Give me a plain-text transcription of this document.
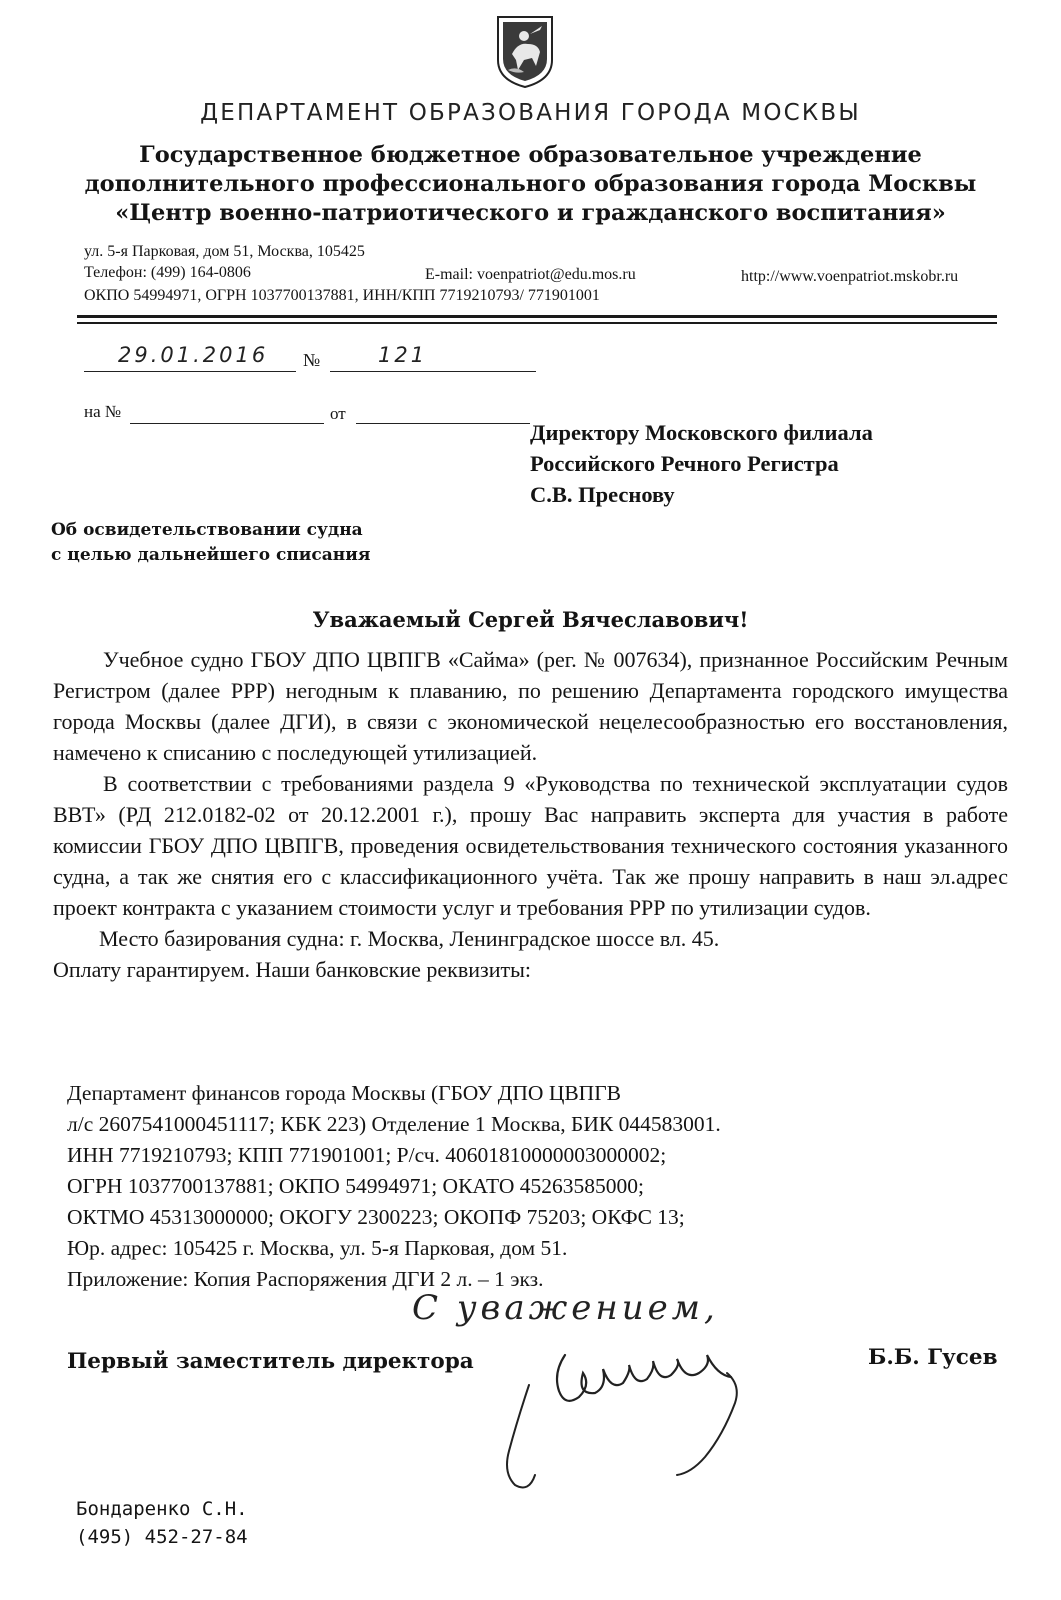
ДЕПАРТАМЕНТ ОБРАЗОВАНИЯ ГОРОДА МОСКВЫ
Государственное бюджетное образовательное учреждение
дополнительного профессионального образования города Москвы
«Центр военно-патриотического и гражданского воспитания»
ул. 5-я Парковая, дом 51, Москва, 105425
Телефон: (499) 164-0806	E-mail: voenpatriot@edu.mos.ru	http://www.voenpatriot.mskobr.ru
ОКПО 54994971, ОГРН 1037700137881, ИНН/КПП 7719210793/ 771901001
29.01.2016 №	121
на №	от
Директору Московского филиала
Российского Речного Регистра
С.В. Преснову
Об освидетельствовании судна
с целью дальнейшего списания
Уважаемый Сергей Вячеславович!

Учебное судно ГБОУ ДПО ЦВПГВ «Сайма» (рег. № 007634), признанное Российским Речным Регистром (далее РРР) негодным к плаванию, по решению Департамента городского имущества города Москвы (далее ДГИ), в связи с экономической нецелесообразностью его восстановления, намечено к списанию с последующей утилизацией.

В соответствии с требованиями раздела 9 «Руководства по технической эксплуатации судов ВВТ» (РД 212.0182-02 от 20.12.2001 г.), прошу Вас направить эксперта для участия в работе комиссии ГБОУ ДПО ЦВПГВ, проведения освидетельствования технического состояния указанного судна, а так же снятия его с классификационного учёта. Так же прошу направить в наш эл.адрес проект контракта с указанием стоимости услуг и требования РРР по утилизации судов.

Место базирования судна: г. Москва, Ленинградское шоссе вл. 45.

Оплату гарантируем. Наши банковские реквизиты:

Департамент финансов города Москвы (ГБОУ ДПО ЦВПГВ
л/с 2607541000451117; КБК 223) Отделение 1 Москва, БИК 044583001.
ИНН 7719210793; КПП 771901001; Р/сч. 40601810000003000002;
ОГРН 1037700137881; ОКПО 54994971; ОКАТО 45263585000;
ОКТМО 45313000000; ОКОГУ 2300223; ОКОПФ 75203; ОКФС 13;
Юр. адрес: 105425 г. Москва, ул. 5-я Парковая, дом 51.
Приложение: Копия Распоряжения ДГИ 2 л. – 1 экз.
С уважением,
Первый заместитель директора	Б.Б. Гусев
Бондаренко С.Н.
(495) 452-27-84
